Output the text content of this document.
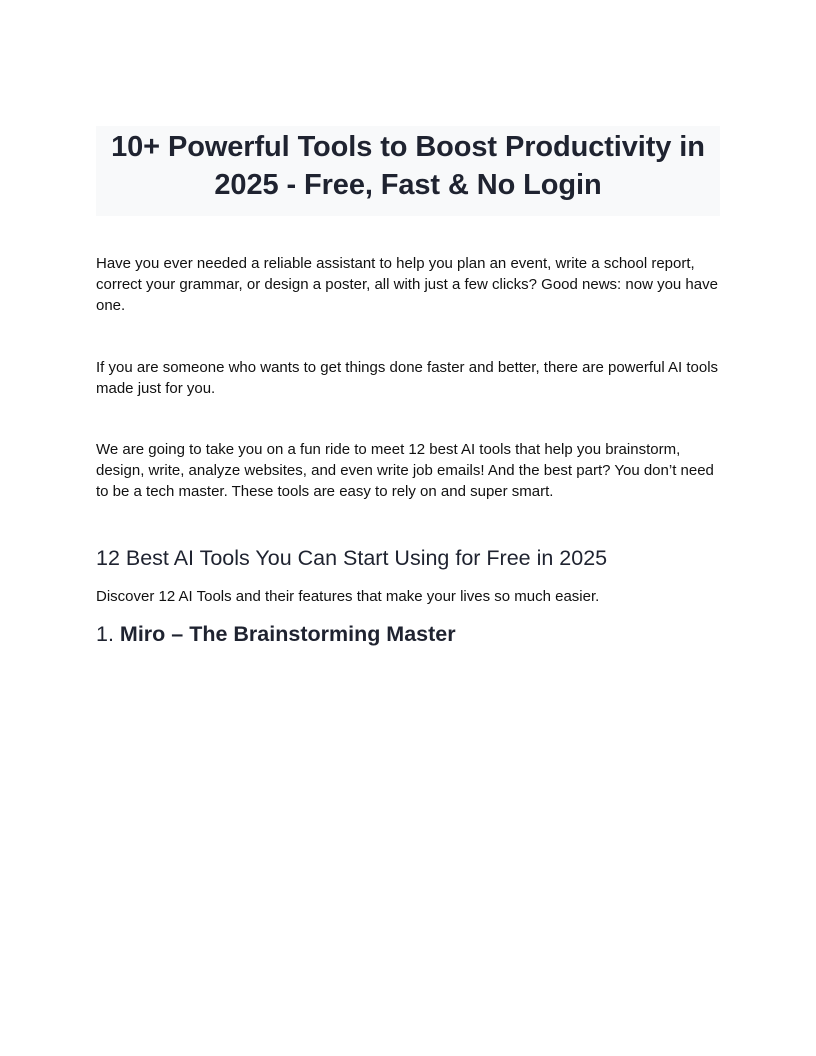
10+ Powerful Tools to Boost Productivity in 2025 - Free, Fast & No Login

Have you ever needed a reliable assistant to help you plan an event, write a school report, correct your grammar, or design a poster, all with just a few clicks? Good news: now you have one.

If you are someone who wants to get things done faster and better, there are powerful AI tools made just for you.

We are going to take you on a fun ride to meet 12 best AI tools that help you brainstorm, design, write, analyze websites, and even write job emails! And the best part? You don’t need to be a tech master. These tools are easy to rely on and super smart.

12 Best AI Tools You Can Start Using for Free in 2025

Discover 12 AI Tools and their features that make your lives so much easier.

1. Miro – The Brainstorming Master
